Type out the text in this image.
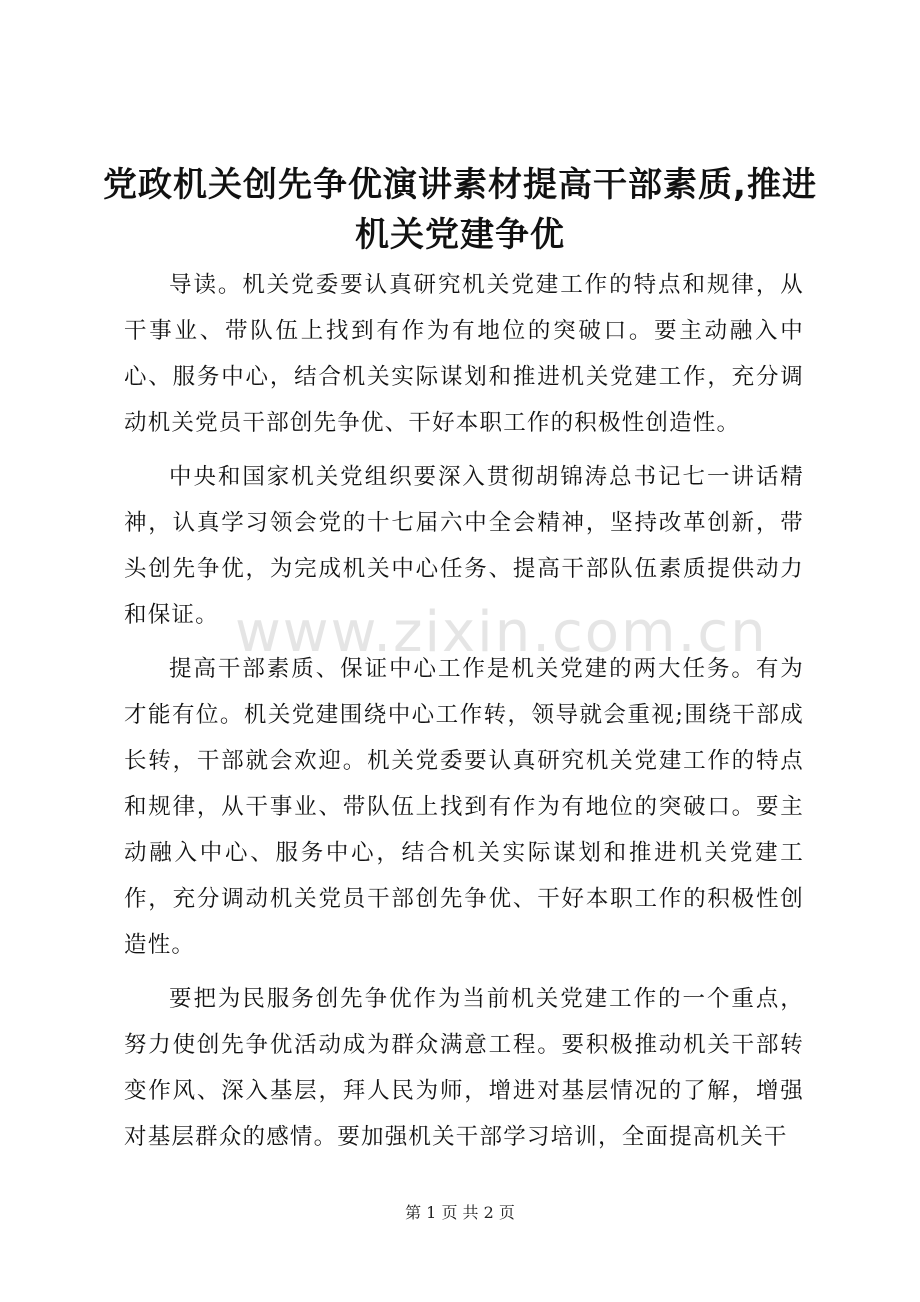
党政机关创先争优演讲素材提高干部素质,推进机关党建争优
www.zixin.com.cn

导读。机关党委要认真研究机关党建工作的特点和规律，从干事业、带队伍上找到有作为有地位的突破口。要主动融入中心、服务中心，结合机关实际谋划和推进机关党建工作，充分调动机关党员干部创先争优、干好本职工作的积极性创造性。

中央和国家机关党组织要深入贯彻胡锦涛总书记七一讲话精神，认真学习领会党的十七届六中全会精神，坚持改革创新，带头创先争优，为完成机关中心任务、提高干部队伍素质提供动力和保证。

提高干部素质、保证中心工作是机关党建的两大任务。有为才能有位。机关党建围绕中心工作转，领导就会重视;围绕干部成长转，干部就会欢迎。机关党委要认真研究机关党建工作的特点和规律，从干事业、带队伍上找到有作为有地位的突破口。要主动融入中心、服务中心，结合机关实际谋划和推进机关党建工作，充分调动机关党员干部创先争优、干好本职工作的积极性创造性。

要把为民服务创先争优作为当前机关党建工作的一个重点，努力使创先争优活动成为群众满意工程。要积极推动机关干部转变作风、深入基层，拜人民为师，增进对基层情况的了解，增强对基层群众的感情。要加强机关干部学习培训，全面提高机关干

第 1 页 共 2 页
